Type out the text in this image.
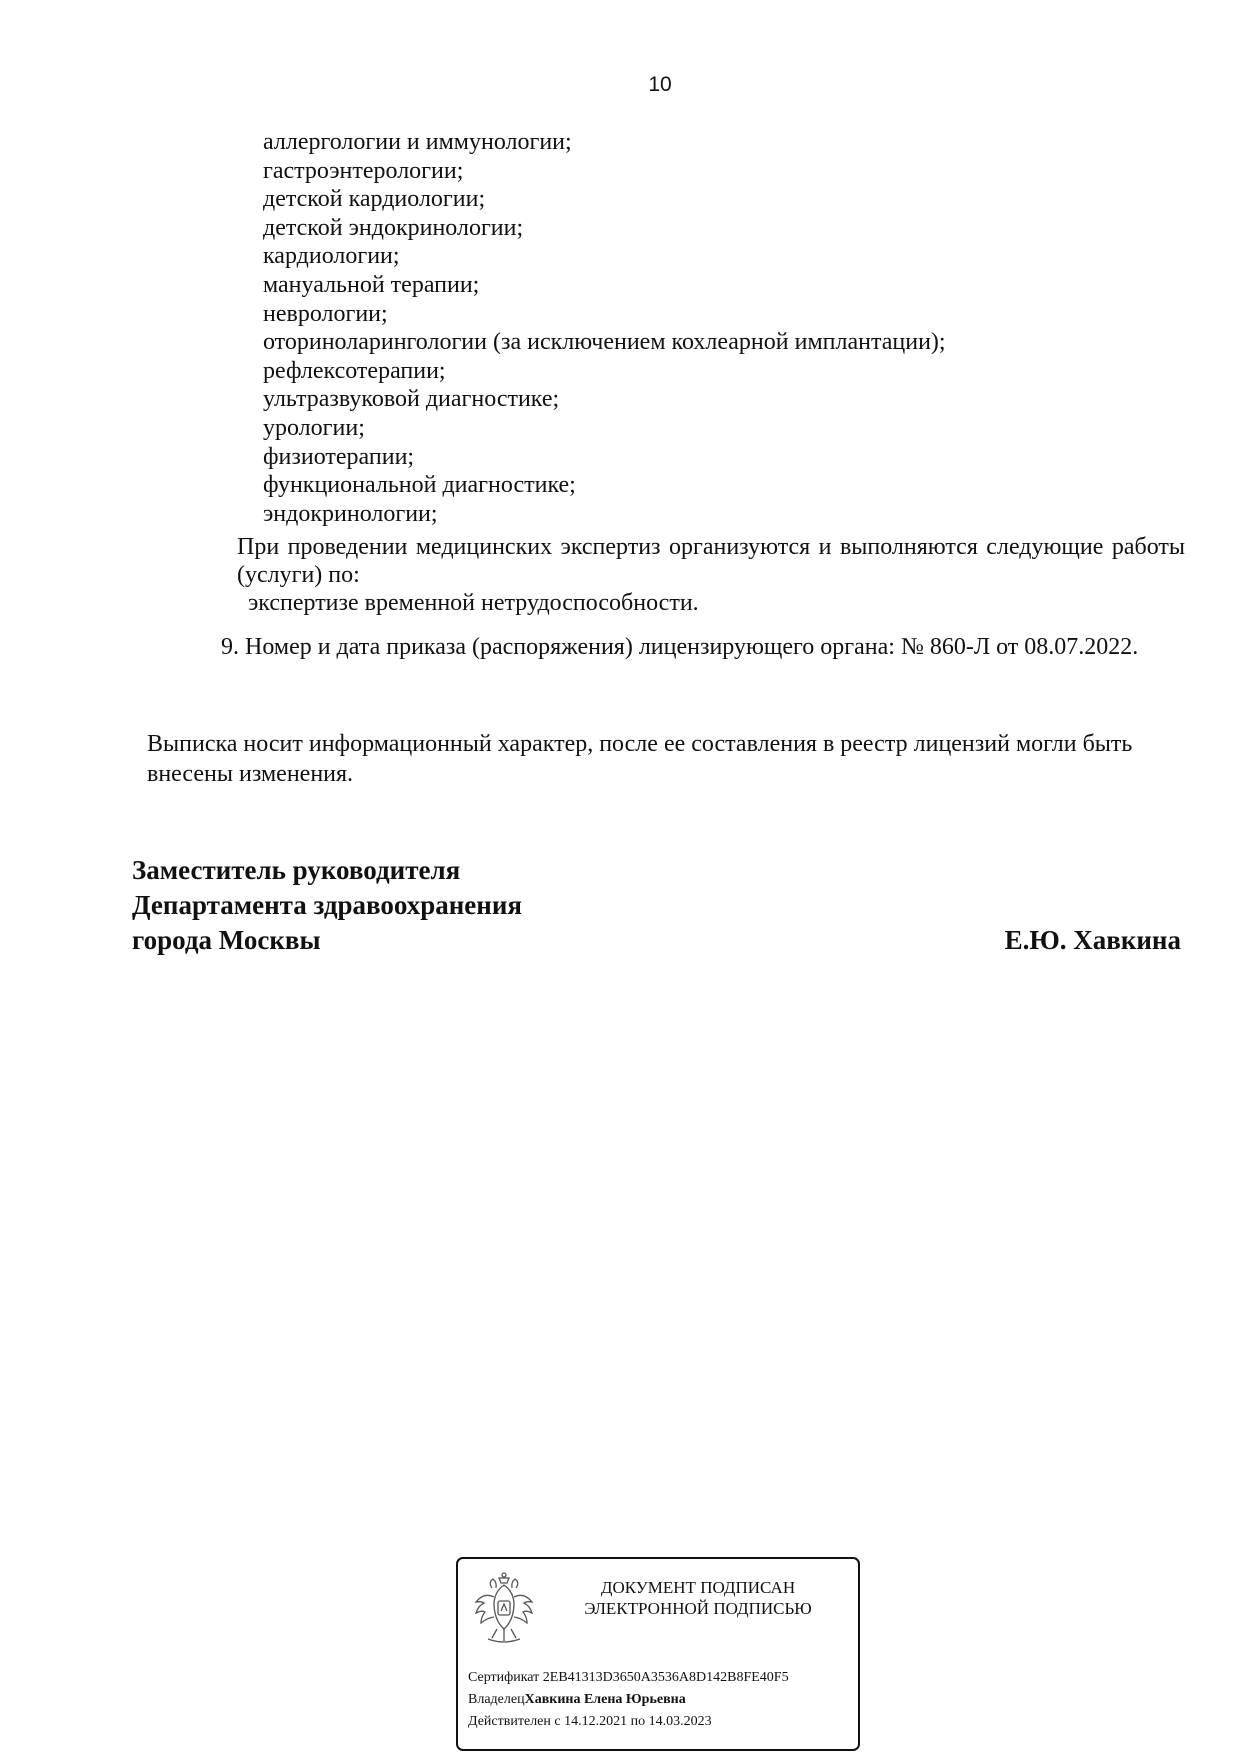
10
аллергологии и иммунологии;
гастроэнтерологии;
детской кардиологии;
детской эндокринологии;
кардиологии;
мануальной терапии;
неврологии;
оториноларингологии (за исключением кохлеарной имплантации);
рефлексотерапии;
ультразвуковой диагностике;
урологии;
физиотерапии;
функциональной диагностике;
эндокринологии;
При проведении медицинских экспертиз организуются и выполняются следующие работы (услуги) по:
экспертизе временной нетрудоспособности.
9. Номер и дата приказа (распоряжения) лицензирующего органа: № 860-Л от 08.07.2022.
Выписка носит информационный характер, после ее составления в реестр лицензий могли быть внесены изменения.
Заместитель руководителя
Департамента здравоохранения
города Москвы	Е.Ю. Хавкина
ДОКУМЕНТ ПОДПИСАН
ЭЛЕКТРОННОЙ ПОДПИСЬЮ
Сертификат 2EB41313D3650A3536A8D142B8FE40F5
ВладелецХавкина Елена Юрьевна
Действителен с 14.12.2021 по 14.03.2023
